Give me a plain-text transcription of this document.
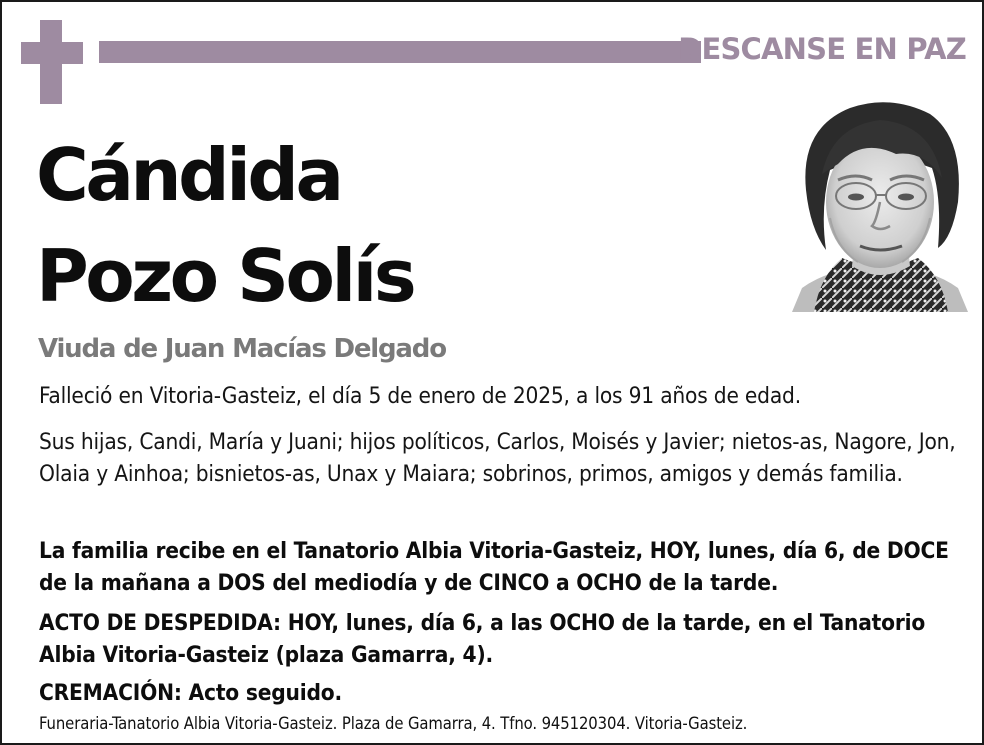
DESCANSE EN PAZ
Cándida
Pozo Solís
Viuda de Juan Macías Delgado

Falleció en Vitoria-Gasteiz, el día 5 de enero de 2025, a los 91 años de edad.

Sus hijas, Candi, María y Juani; hijos políticos, Carlos, Moisés y Javier; nietos-as, Nagore, Jon, Olaia y Ainhoa; bisnietos-as, Unax y Maiara; sobrinos, primos, amigos y demás familia.

La familia recibe en el Tanatorio Albia Vitoria-Gasteiz, HOY, lunes, día 6, de DOCE de la mañana a DOS del mediodía y de CINCO a OCHO de la tarde.

ACTO DE DESPEDIDA: HOY, lunes, día 6, a las OCHO de la tarde, en el Tanatorio Albia Vitoria-Gasteiz (plaza Gamarra, 4).

CREMACIÓN: Acto seguido.

Funeraria-Tanatorio Albia Vitoria-Gasteiz. Plaza de Gamarra, 4. Tfno. 945120304. Vitoria-Gasteiz.
